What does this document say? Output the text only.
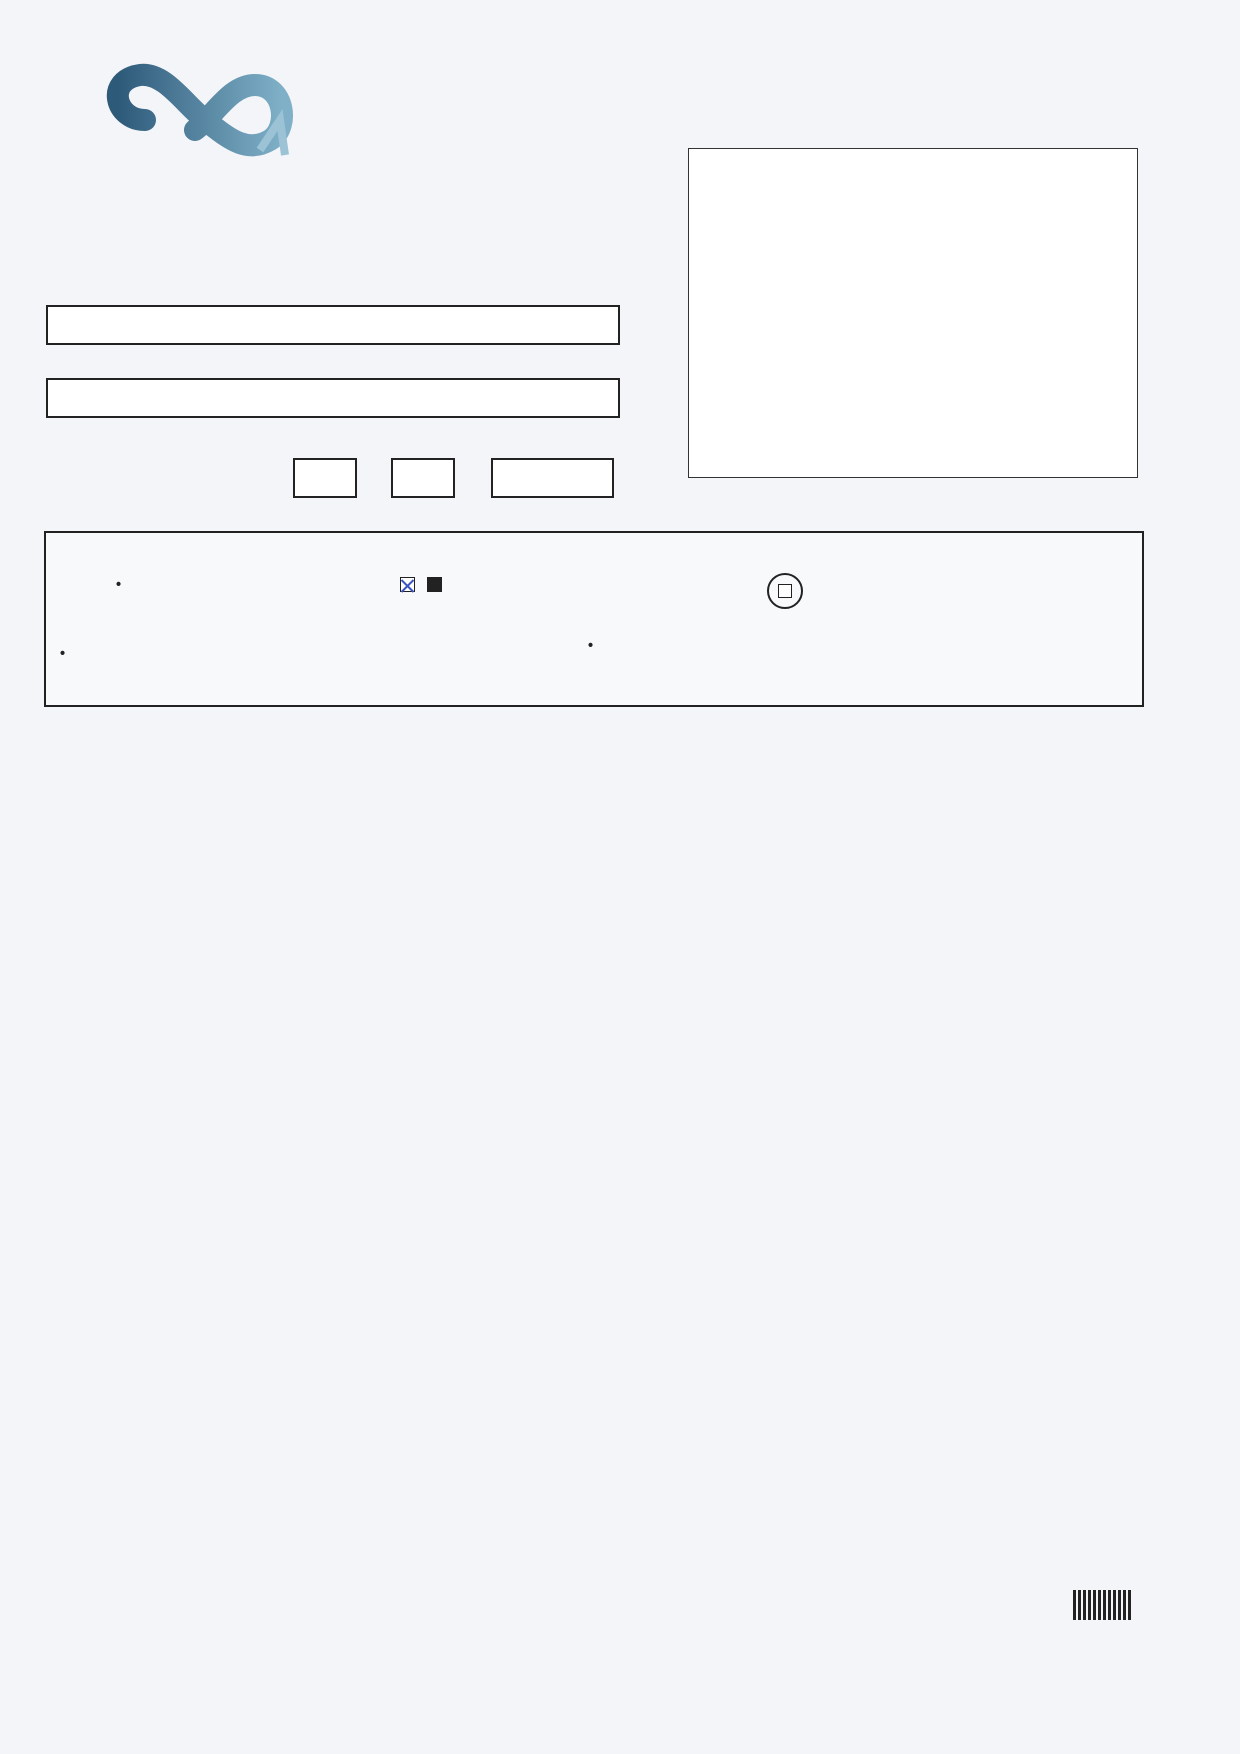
•
•	•
